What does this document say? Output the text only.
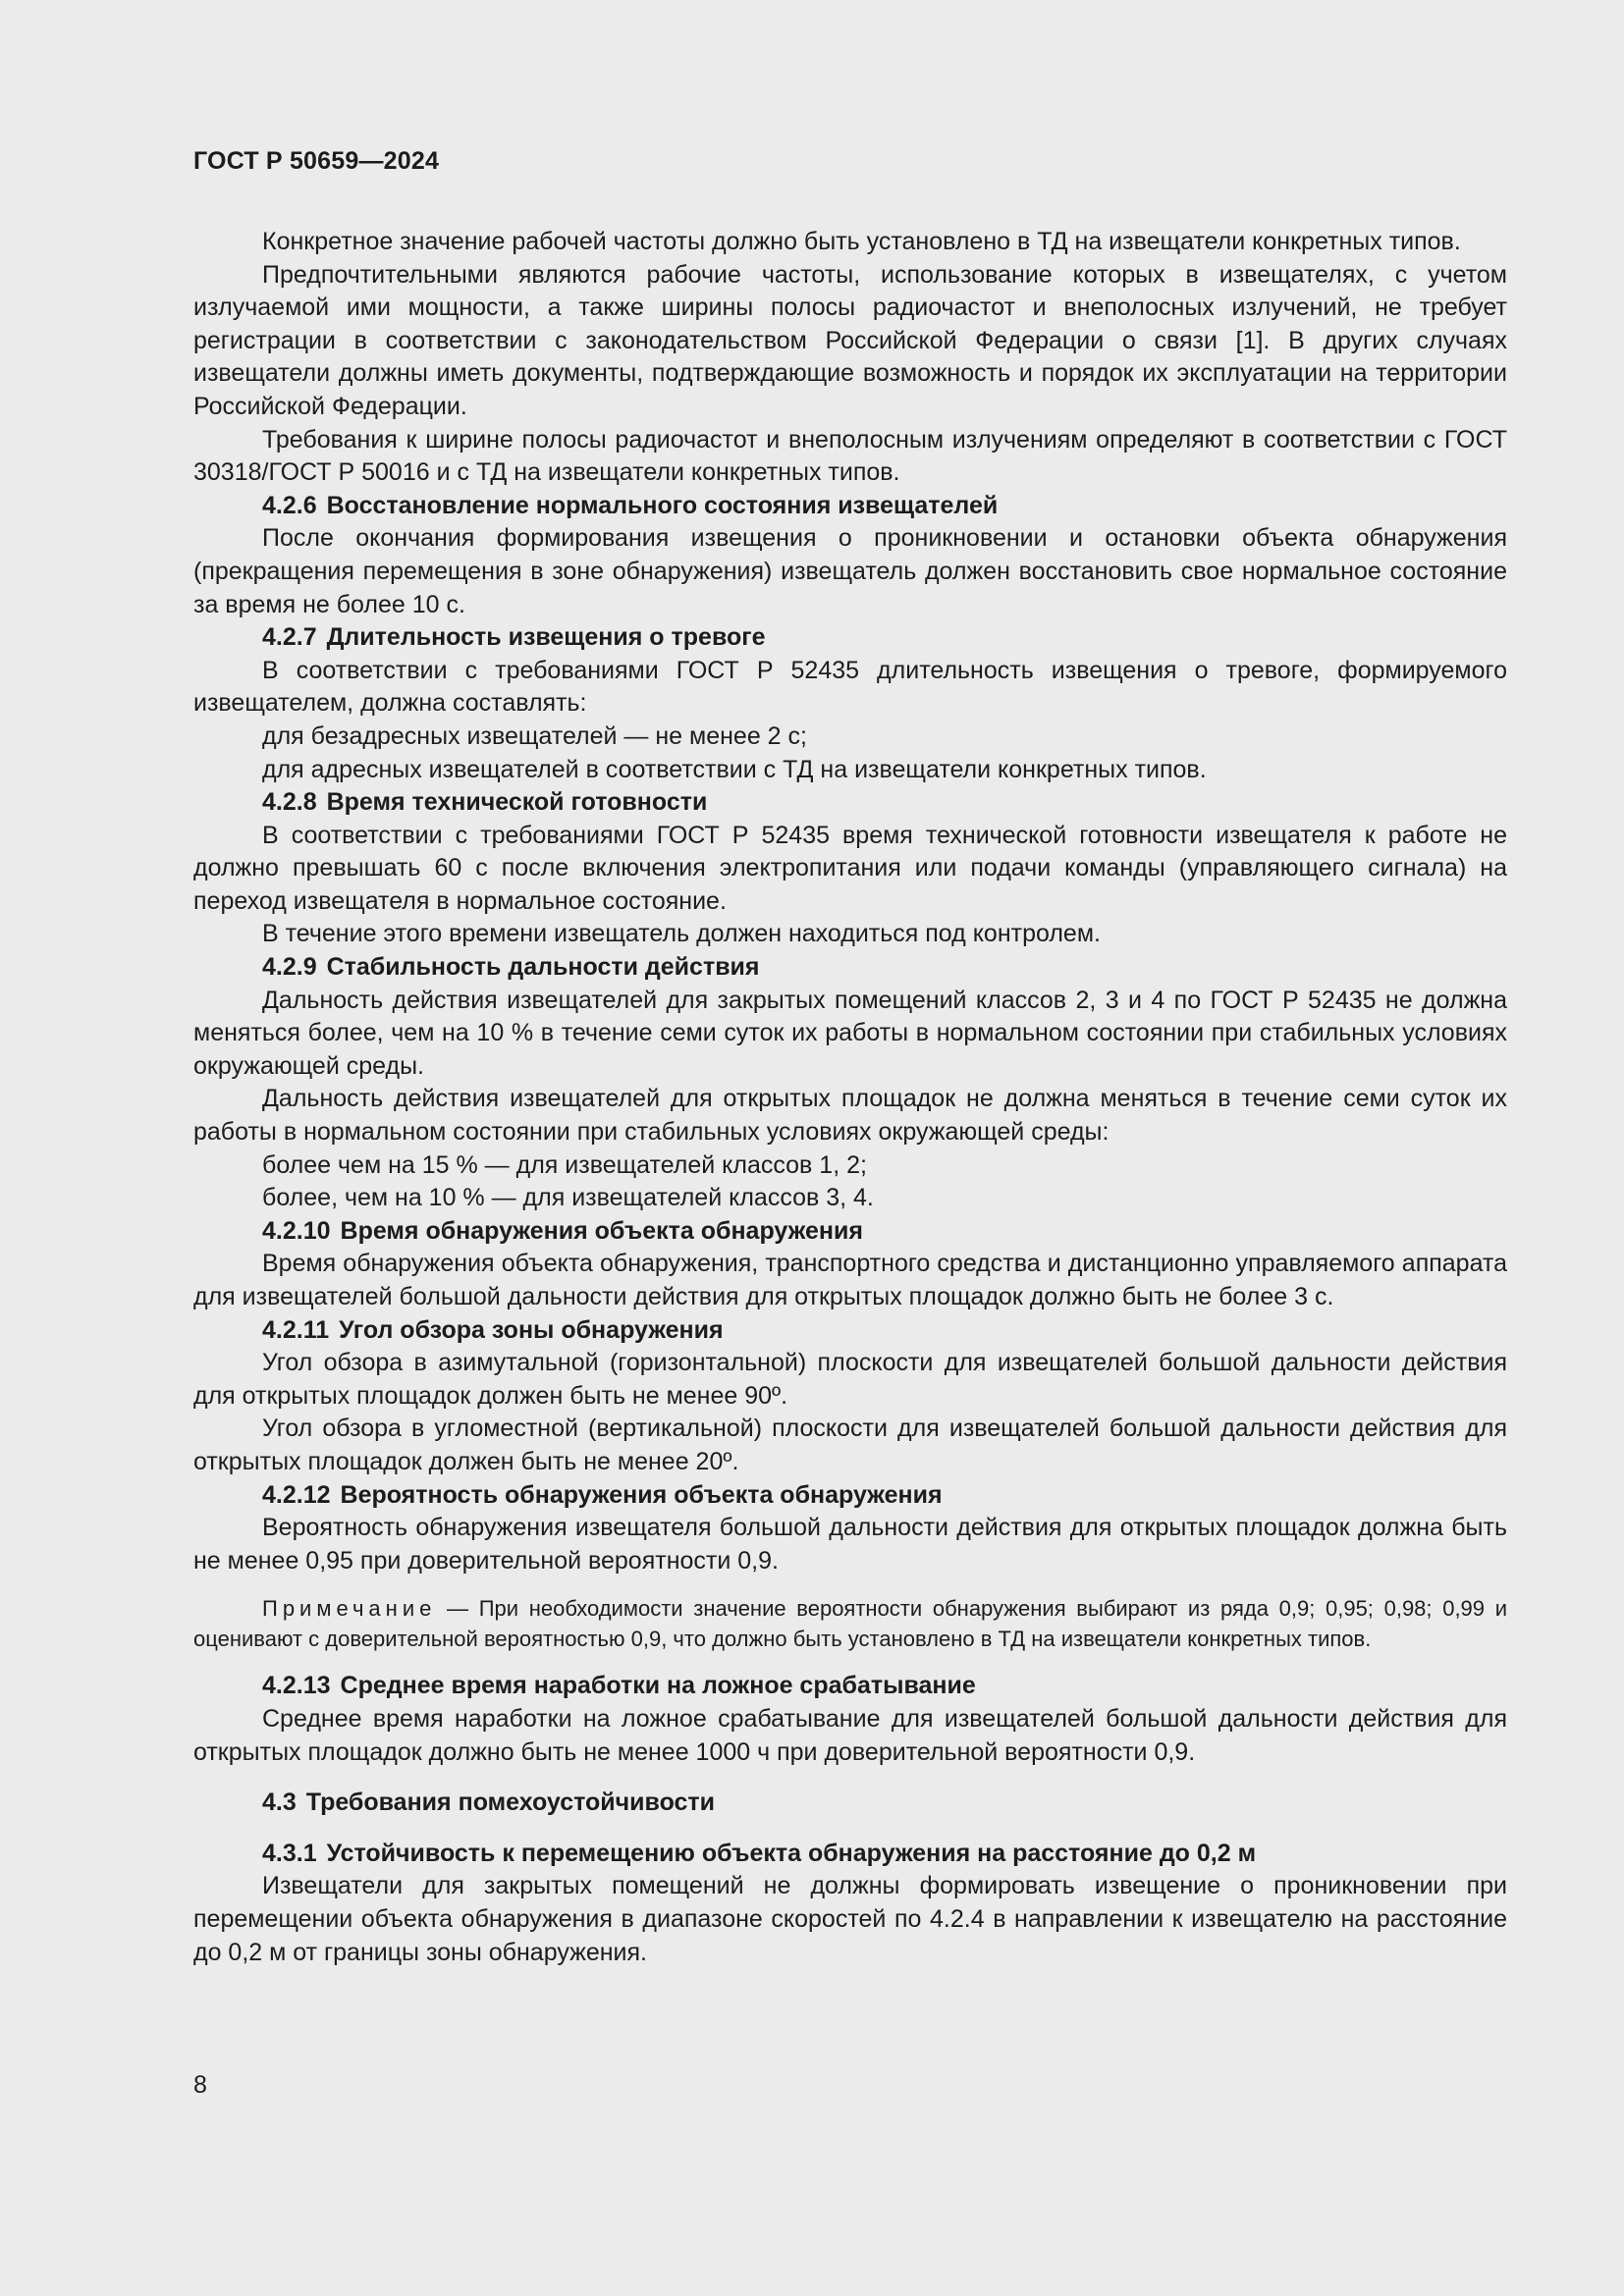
ГОСТ Р 50659—2024

Конкретное значение рабочей частоты должно быть установлено в ТД на извещатели конкретных типов.

Предпочтительными являются рабочие частоты, использование которых в извещателях, с учетом излучаемой ими мощности, а также ширины полосы радиочастот и внеполосных излучений, не требует регистрации в соответствии с законодательством Российской Федерации о связи [1]. В других случаях извещатели должны иметь документы, подтверждающие возможность и порядок их эксплуатации на территории Российской Федерации.

Требования к ширине полосы радиочастот и внеполосным излучениям определяют в соответствии с ГОСТ 30318/ГОСТ Р 50016 и с ТД на извещатели конкретных типов.

4.2.6 Восстановление нормального состояния извещателей

После окончания формирования извещения о проникновении и остановки объекта обнаружения (прекращения перемещения в зоне обнаружения) извещатель должен восстановить свое нормальное состояние за время не более 10 с.

4.2.7 Длительность извещения о тревоге

В соответствии с требованиями ГОСТ Р 52435 длительность извещения о тревоге, формируемого извещателем, должна составлять:

для безадресных извещателей — не менее 2 с;

для адресных извещателей в соответствии с ТД на извещатели конкретных типов.

4.2.8 Время технической готовности

В соответствии с требованиями ГОСТ Р 52435 время технической готовности извещателя к работе не должно превышать 60 с после включения электропитания или подачи команды (управляющего сигнала) на переход извещателя в нормальное состояние.

В течение этого времени извещатель должен находиться под контролем.

4.2.9 Стабильность дальности действия

Дальность действия извещателей для закрытых помещений классов 2, 3 и 4 по ГОСТ Р 52435 не должна меняться более, чем на 10 % в течение семи суток их работы в нормальном состоянии при стабильных условиях окружающей среды.

Дальность действия извещателей для открытых площадок не должна меняться в течение семи суток их работы в нормальном состоянии при стабильных условиях окружающей среды:

более чем на 15 % — для извещателей классов 1, 2;

более, чем на 10 % — для извещателей классов 3, 4.

4.2.10 Время обнаружения объекта обнаружения

Время обнаружения объекта обнаружения, транспортного средства и дистанционно управляемого аппарата для извещателей большой дальности действия для открытых площадок должно быть не более 3 с.

4.2.11 Угол обзора зоны обнаружения

Угол обзора в азимутальной (горизонтальной) плоскости для извещателей большой дальности действия для открытых площадок должен быть не менее 90º.

Угол обзора в угломестной (вертикальной) плоскости для извещателей большой дальности действия для открытых площадок должен быть не менее 20º.

4.2.12 Вероятность обнаружения объекта обнаружения

Вероятность обнаружения извещателя большой дальности действия для открытых площадок должна быть не менее 0,95 при доверительной вероятности 0,9.

Примечание — При необходимости значение вероятности обнаружения выбирают из ряда 0,9; 0,95; 0,98; 0,99 и оценивают с доверительной вероятностью 0,9, что должно быть установлено в ТД на извещатели конкретных типов.

4.2.13 Среднее время наработки на ложное срабатывание

Среднее время наработки на ложное срабатывание для извещателей большой дальности действия для открытых площадок должно быть не менее 1000 ч при доверительной вероятности 0,9.

4.3 Требования помехоустойчивости

4.3.1 Устойчивость к перемещению объекта обнаружения на расстояние до 0,2 м

Извещатели для закрытых помещений не должны формировать извещение о проникновении при перемещении объекта обнаружения в диапазоне скоростей по 4.2.4 в направлении к извещателю на расстояние до 0,2 м от границы зоны обнаружения.

8
